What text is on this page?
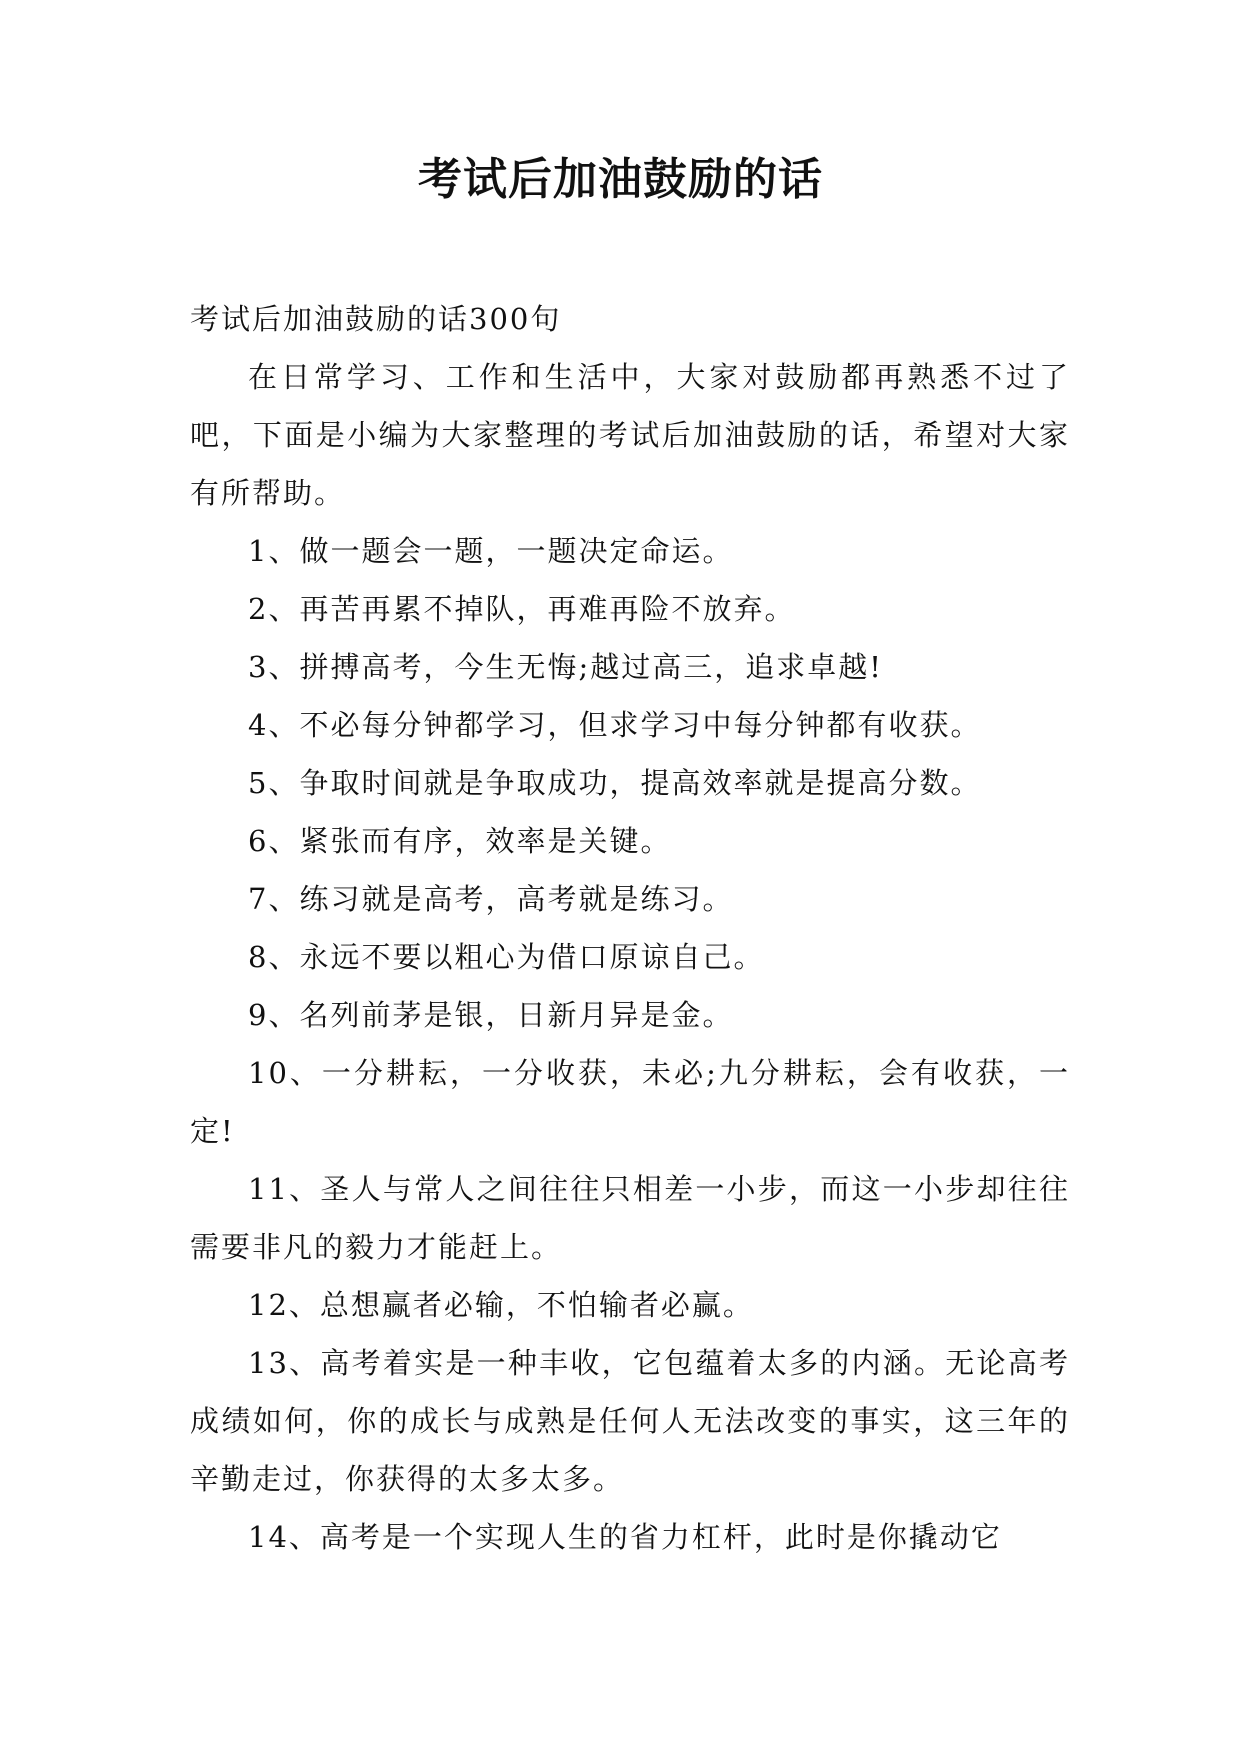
考试后加油鼓励的话

考试后加油鼓励的话300句

在日常学习、工作和生活中，大家对鼓励都再熟悉不过了吧，下面是小编为大家整理的考试后加油鼓励的话，希望对大家有所帮助。

1、做一题会一题，一题决定命运。

2、再苦再累不掉队，再难再险不放弃。

3、拼搏高考，今生无悔;越过高三，追求卓越!

4、不必每分钟都学习，但求学习中每分钟都有收获。

5、争取时间就是争取成功，提高效率就是提高分数。

6、紧张而有序，效率是关键。

7、练习就是高考，高考就是练习。

8、永远不要以粗心为借口原谅自己。

9、名列前茅是银，日新月异是金。

10、一分耕耘，一分收获，未必;九分耕耘，会有收获，一定!

11、圣人与常人之间往往只相差一小步，而这一小步却往往需要非凡的毅力才能赶上。

12、总想赢者必输，不怕输者必赢。

13、高考着实是一种丰收，它包蕴着太多的内涵。无论高考成绩如何，你的成长与成熟是任何人无法改变的事实，这三年的辛勤走过，你获得的太多太多。

14、高考是一个实现人生的省力杠杆，此时是你撬动它
